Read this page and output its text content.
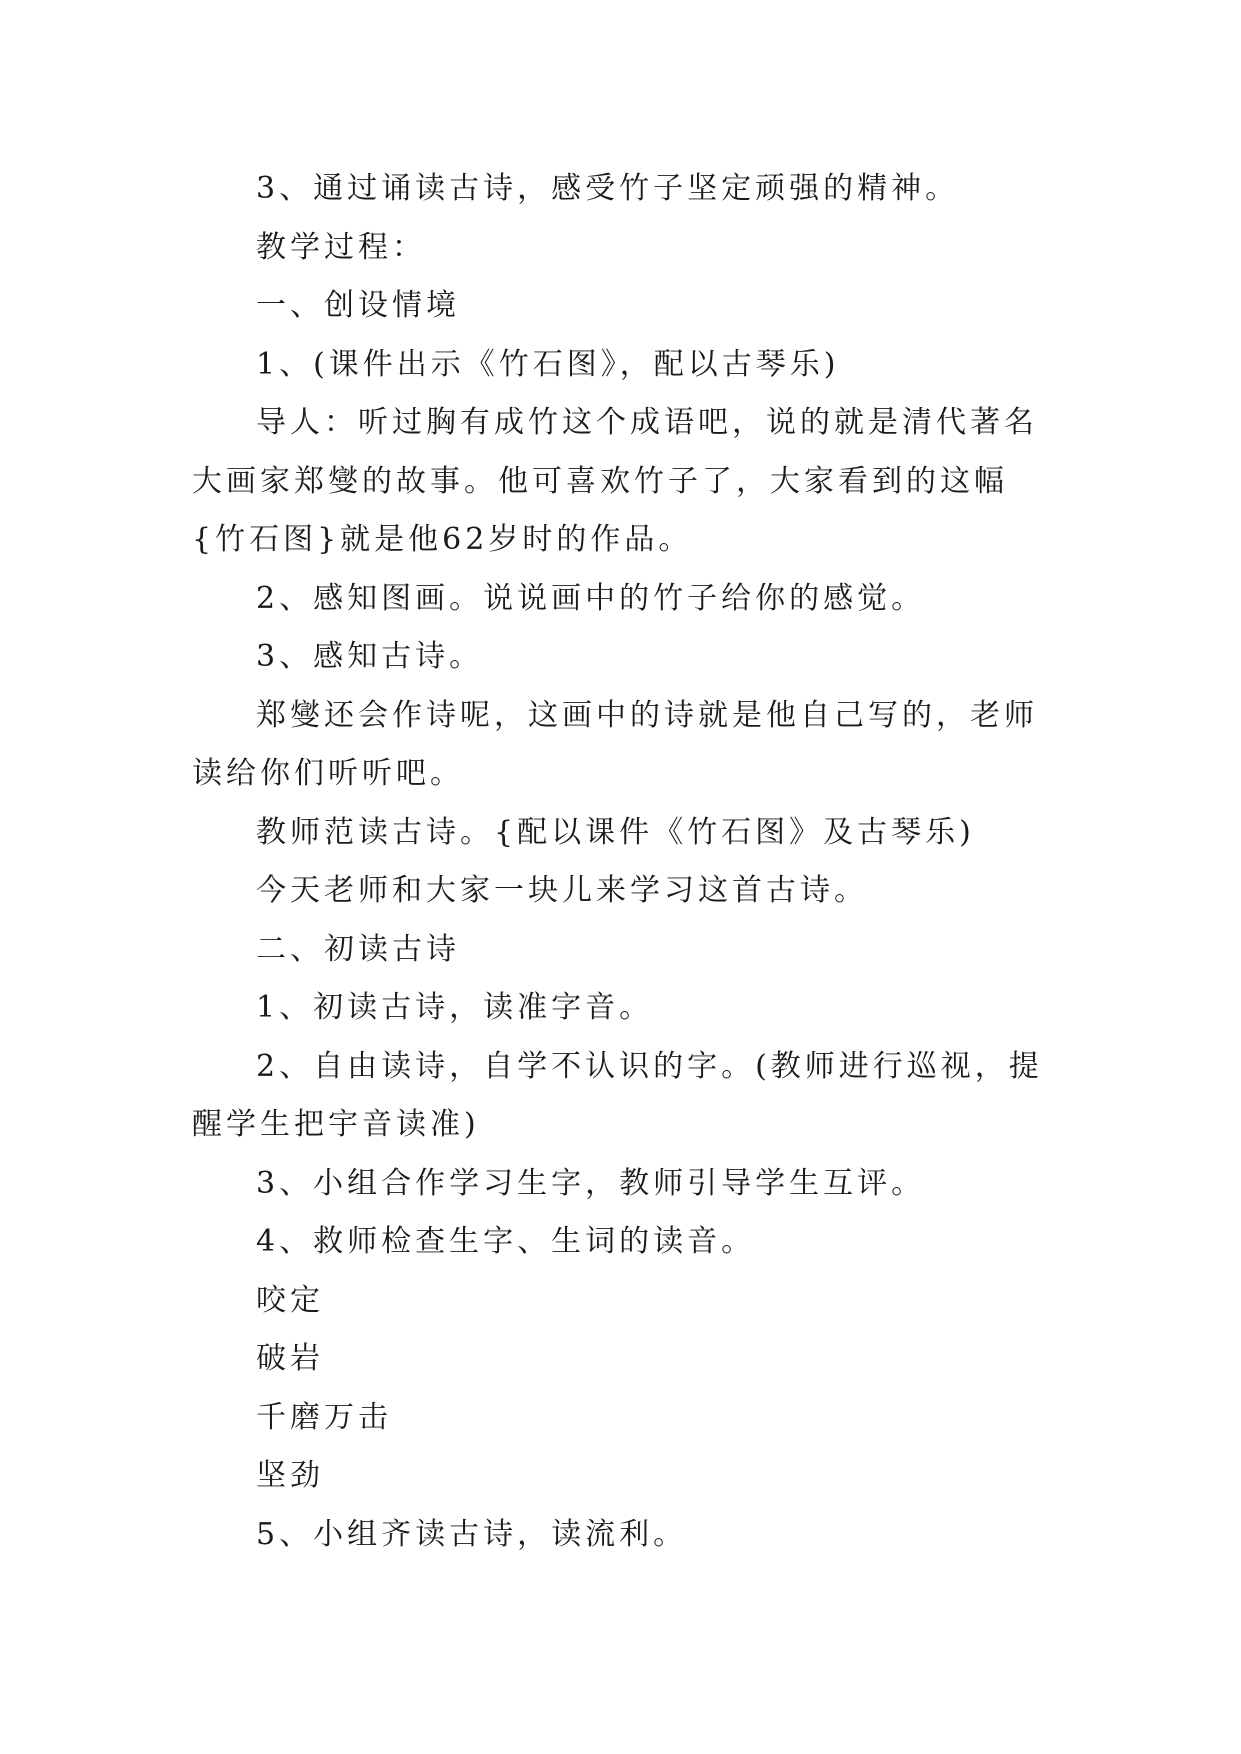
3、通过诵读古诗，感受竹子坚定顽强的精神。

教学过程：

一、创设情境

1、(课件出示《竹石图》，配以古琴乐)

导人：听过胸有成竹这个成语吧，说的就是清代著名大画家郑燮的故事。他可喜欢竹子了，大家看到的这幅{竹石图}就是他62岁时的作品。

2、感知图画。说说画中的竹子给你的感觉。

3、感知古诗。

郑燮还会作诗呢，这画中的诗就是他自己写的，老师读给你们听听吧。

教师范读古诗。{配以课件《竹石图》及古琴乐)

今天老师和大家一块儿来学习这首古诗。

二、初读古诗

1、初读古诗，读准字音。

2、自由读诗，自学不认识的字。(教师进行巡视，提醒学生把宇音读准)

3、小组合作学习生字，教师引导学生互评。

4、救师检查生字、生词的读音。

咬定

破岩

千磨万击

坚劲

5、小组齐读古诗，读流利。
